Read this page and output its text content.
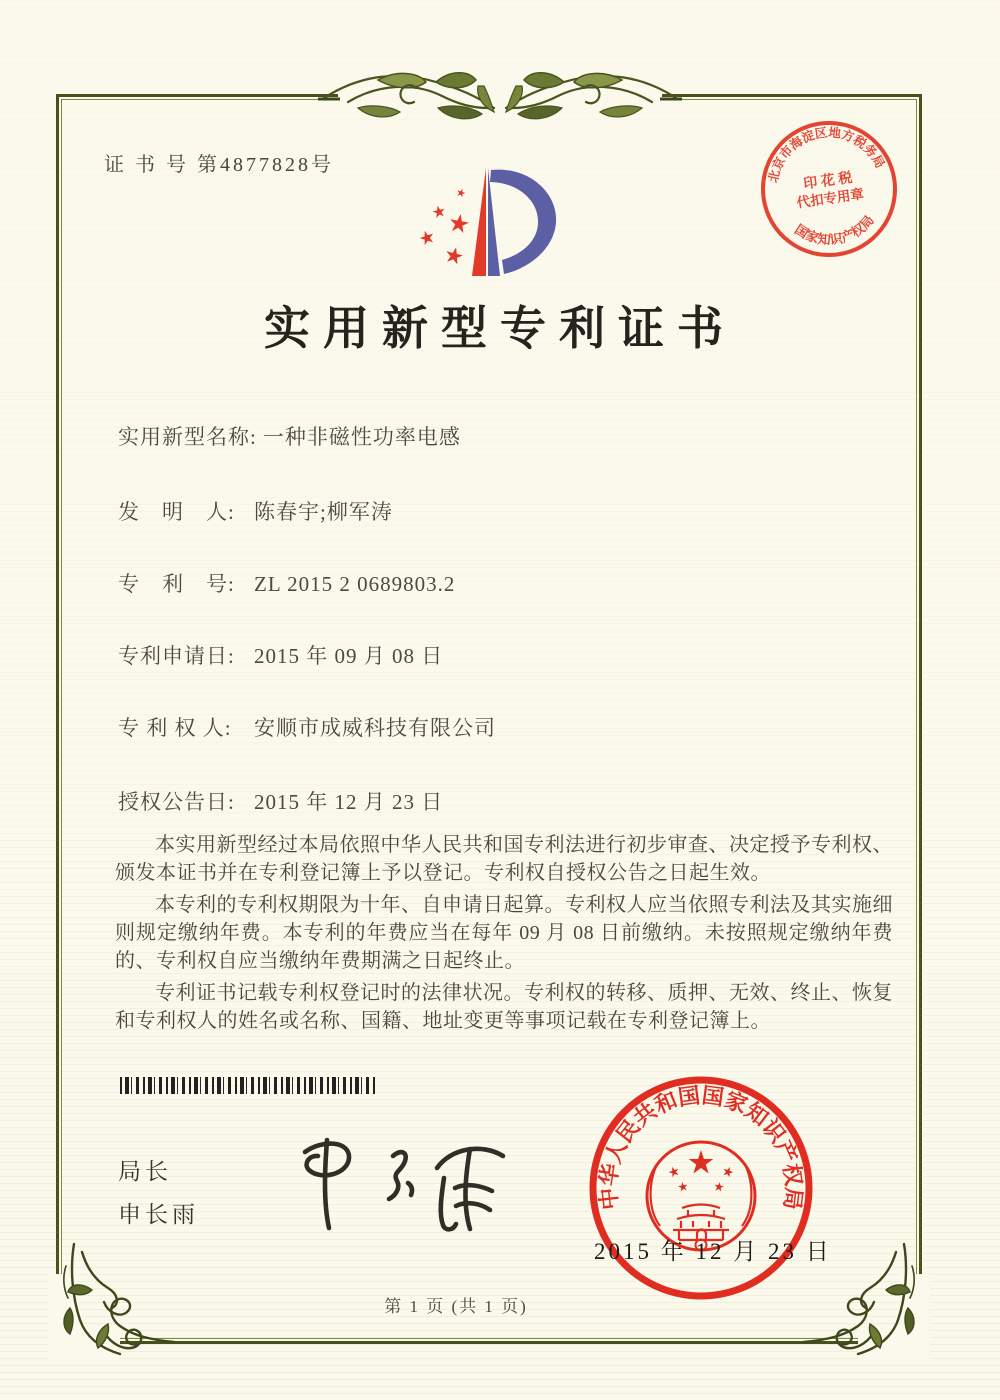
证 书 号 第4877828号
北京市海淀区地方税务局
印 花 税
代扣专用章
国家知识产权局
实用新型专利证书
实用新型名称: 一种非磁性功率电感
发　明　人: 陈春宇;柳军涛
专　利　号: ZL 2015 2 0689803.2
专利申请日: 2015 年 09 月 08 日
专 利 权 人: 安顺市成威科技有限公司
授权公告日: 2015 年 12 月 23 日

本实用新型经过本局依照中华人民共和国专利法进行初步审查、决定授予专利权、颁发本证书并在专利登记簿上予以登记。专利权自授权公告之日起生效。

本专利的专利权期限为十年、自申请日起算。专利权人应当依照专利法及其实施细则规定缴纳年费。本专利的年费应当在每年 09 月 08 日前缴纳。未按照规定缴纳年费的、专利权自应当缴纳年费期满之日起终止。

专利证书记载专利权登记时的法律状况。专利权的转移、质押、无效、终止、恢复和专利权人的姓名或名称、国籍、地址变更等事项记载在专利登记簿上。

局长
申长雨
中华人民共和国国家知识产权局
2015 年 12 月 23 日
第 1 页 (共 1 页)
